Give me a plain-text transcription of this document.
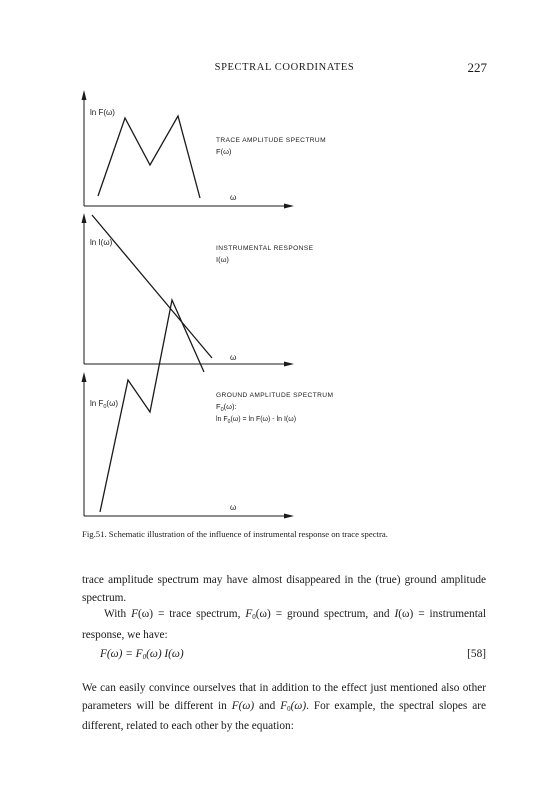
SPECTRAL COORDINATES	227
ln F(ω)
TRACE AMPLITUDE SPECTRUM
F(ω)
ω
ln I(ω)
INSTRUMENTAL RESPONSE
I(ω)
ω
$\ln F_0(\omega)$
GROUND AMPLITUDE SPECTRUM
$F_0(\omega)$:
$\ln F_0(\omega) = \ln F(\omega) - \ln I(\omega)$
ω
Fig.51. Schematic illustration of the influence of instrumental response on trace spectra.
trace amplitude spectrum may have almost disappeared in the (true) ground amplitude spectrum.
With F(ω) = trace spectrum, $F_0(\omega)$ = ground spectrum, and I(ω) = instrumental response, we have:
$F(\omega) = F_0(\omega)$ I(ω)	[58]
We can easily convince ourselves that in addition to the effect just mentioned also other parameters will be different in F(ω) and $F_0(\omega)$. For example, the spectral slopes are different, related to each other by the equation:
